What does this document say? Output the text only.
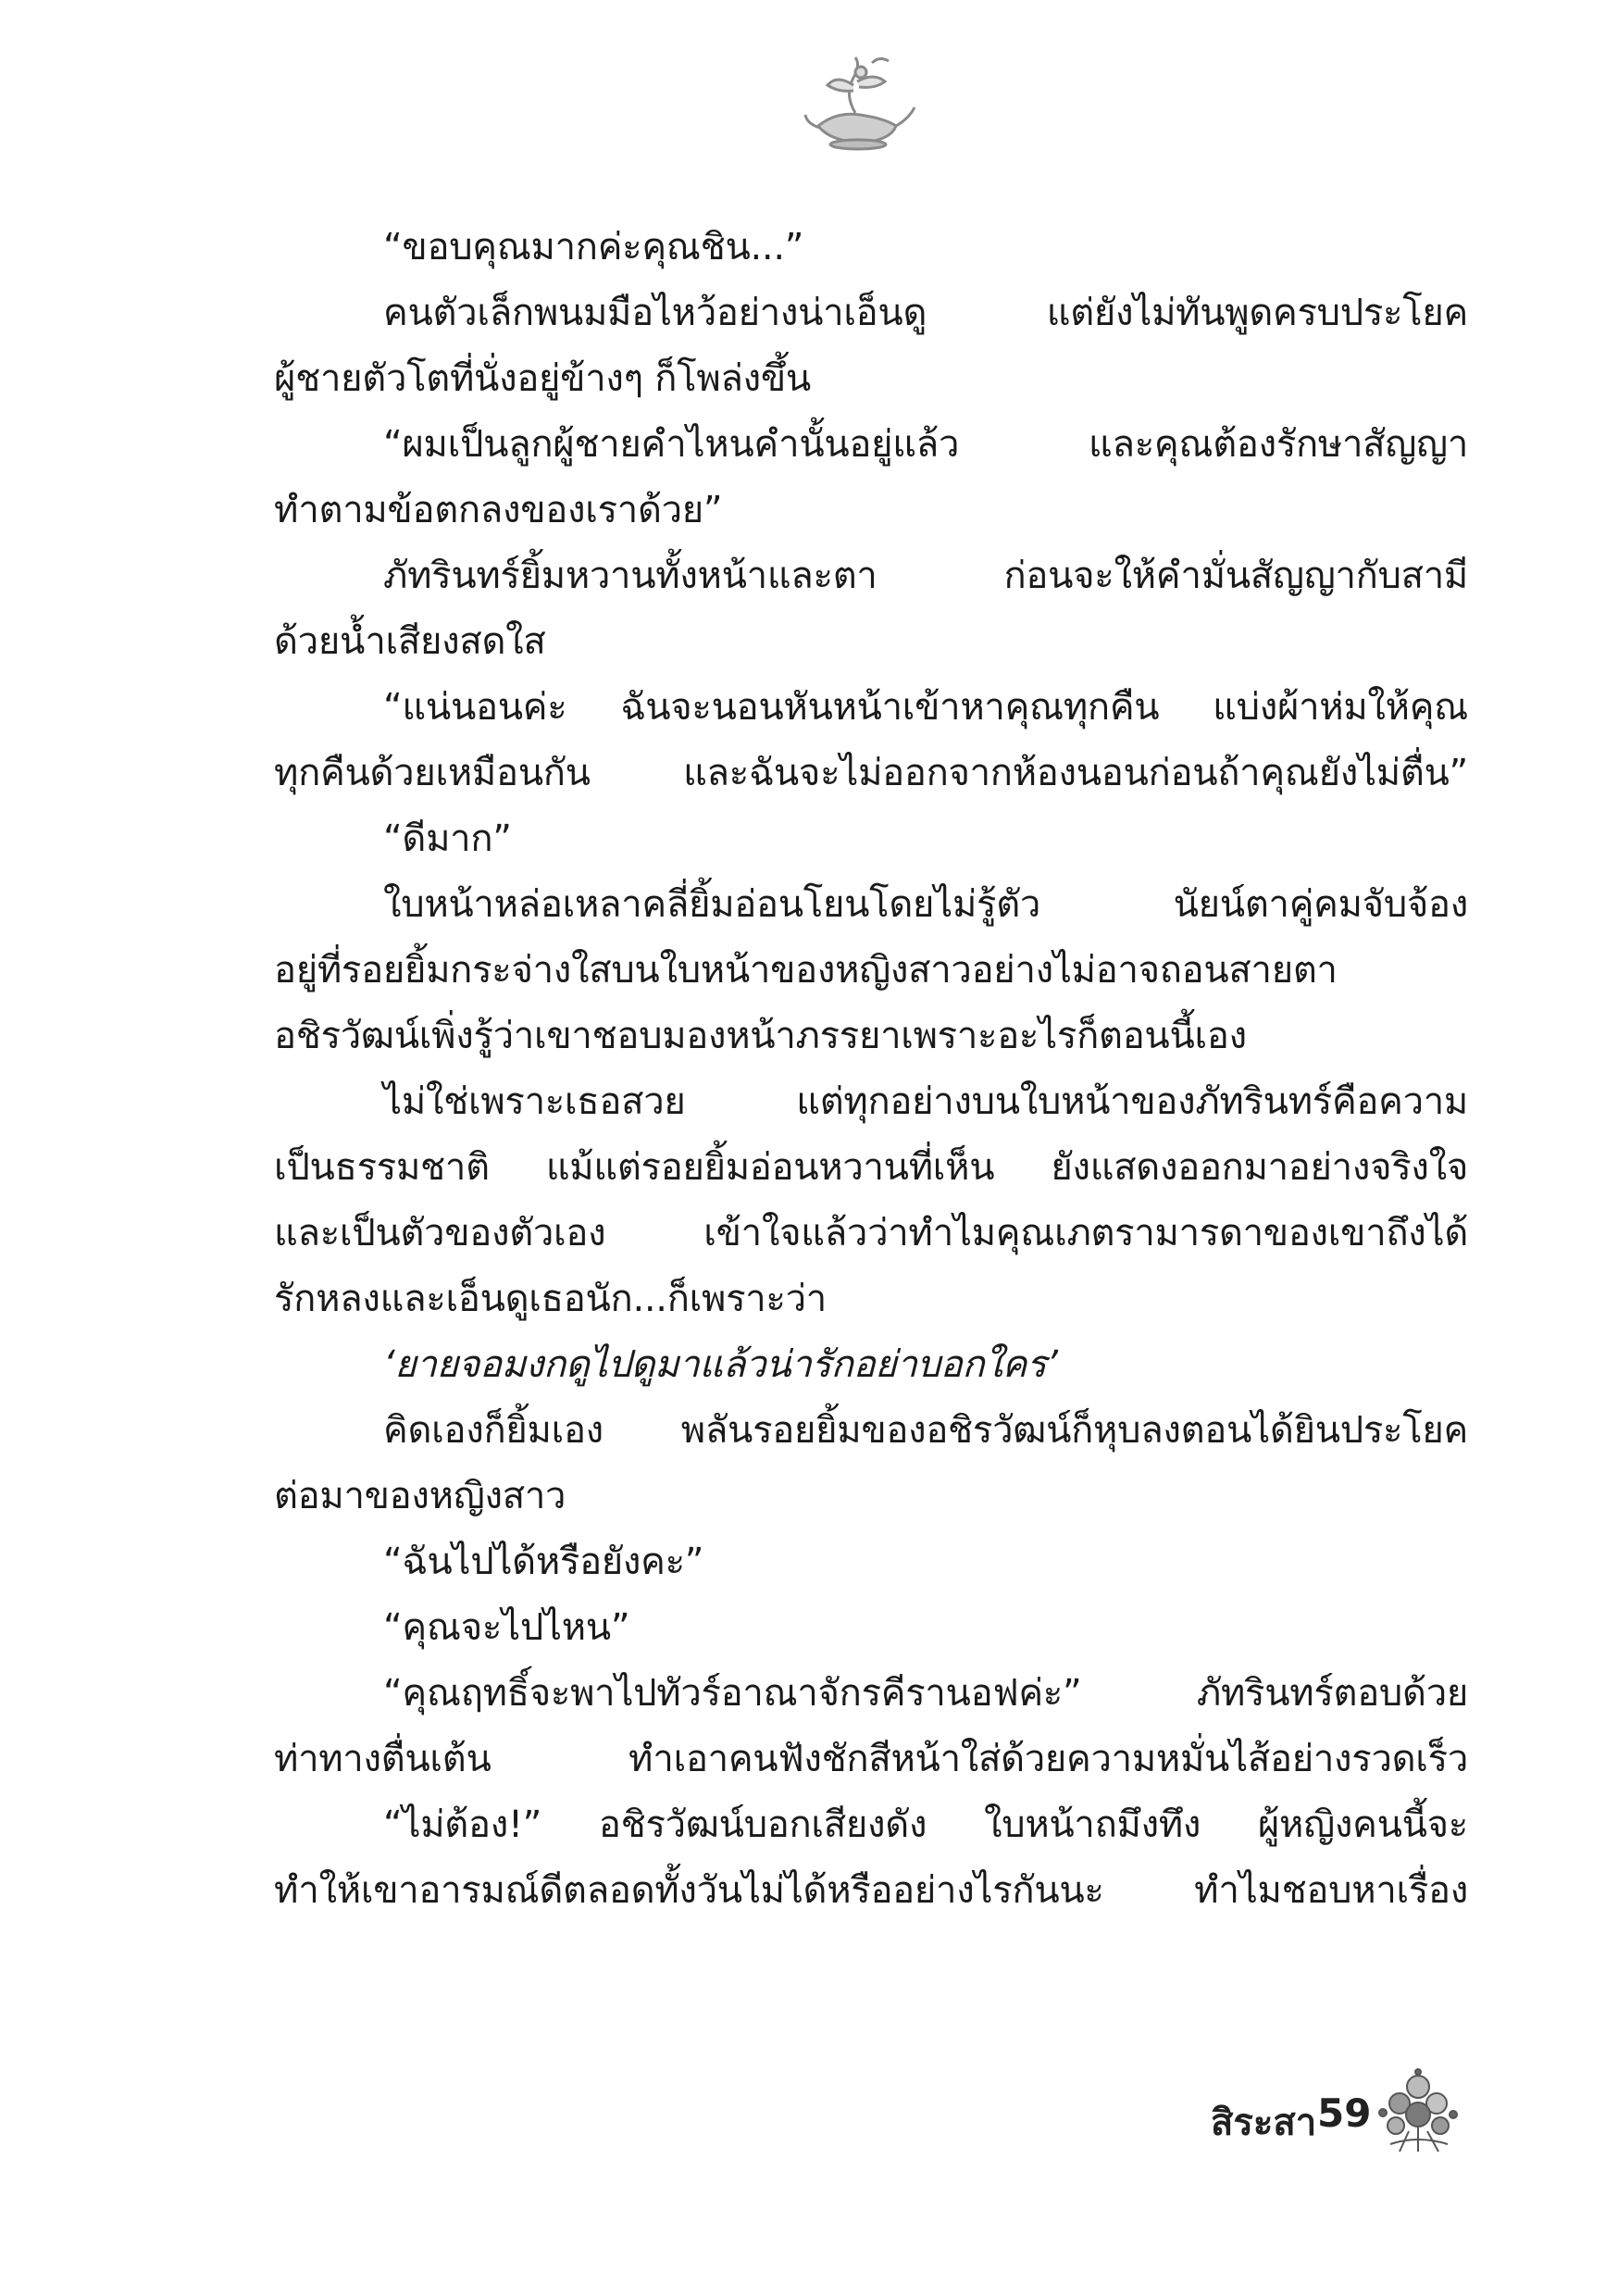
“ขอบคุณมากค่ะคุณชิน...”
คนตัวเล็กพนมมือไหว้อย่างน่าเอ็นดู แต่ยังไม่ทันพูดครบประโยค
ผู้ชายตัวโตที่นั่งอยู่ข้างๆ ก็โพล่งขึ้น
“ผมเป็นลูกผู้ชายคำไหนคำนั้นอยู่แล้ว และคุณต้องรักษาสัญญา
ทำตามข้อตกลงของเราด้วย”
ภัทรินทร์ยิ้มหวานทั้งหน้าและตา ก่อนจะให้คำมั่นสัญญากับสามี
ด้วยน้ำเสียงสดใส
“แน่นอนค่ะ ฉันจะนอนหันหน้าเข้าหาคุณทุกคืน แบ่งผ้าห่มให้คุณ
ทุกคืนด้วยเหมือนกัน และฉันจะไม่ออกจากห้องนอนก่อนถ้าคุณยังไม่ตื่น”
“ดีมาก”
ใบหน้าหล่อเหลาคลี่ยิ้มอ่อนโยนโดยไม่รู้ตัว นัยน์ตาคู่คมจับจ้อง
อยู่ที่รอยยิ้มกระจ่างใสบนใบหน้าของหญิงสาวอย่างไม่อาจถอนสายตา
อชิรวัฒน์เพิ่งรู้ว่าเขาชอบมองหน้าภรรยาเพราะอะไรก็ตอนนี้เอง
ไม่ใช่เพราะเธอสวย แต่ทุกอย่างบนใบหน้าของภัทรินทร์คือความ
เป็นธรรมชาติ แม้แต่รอยยิ้มอ่อนหวานที่เห็น ยังแสดงออกมาอย่างจริงใจ
และเป็นตัวของตัวเอง เข้าใจแล้วว่าทำไมคุณเภตรามารดาของเขาถึงได้
รักหลงและเอ็นดูเธอนัก...ก็เพราะว่า
‘ยายจอมงกดูไปดูมาแล้วน่ารักอย่าบอกใคร’
คิดเองก็ยิ้มเอง พลันรอยยิ้มของอชิรวัฒน์ก็หุบลงตอนได้ยินประโยค
ต่อมาของหญิงสาว
“ฉันไปได้หรือยังคะ”
“คุณจะไปไหน”
“คุณฤทธิ์จะพาไปทัวร์อาณาจักรคีรานอฟค่ะ” ภัทรินทร์ตอบด้วย
ท่าทางตื่นเต้น ทำเอาคนฟังชักสีหน้าใส่ด้วยความหมั่นไส้อย่างรวดเร็ว
“ไม่ต้อง!” อชิรวัฒน์บอกเสียงดัง ใบหน้าถมึงทึง ผู้หญิงคนนี้จะ
ทำให้เขาอารมณ์ดีตลอดทั้งวันไม่ได้หรืออย่างไรกันนะ ทำไมชอบหาเรื่อง
สิระสา 59
